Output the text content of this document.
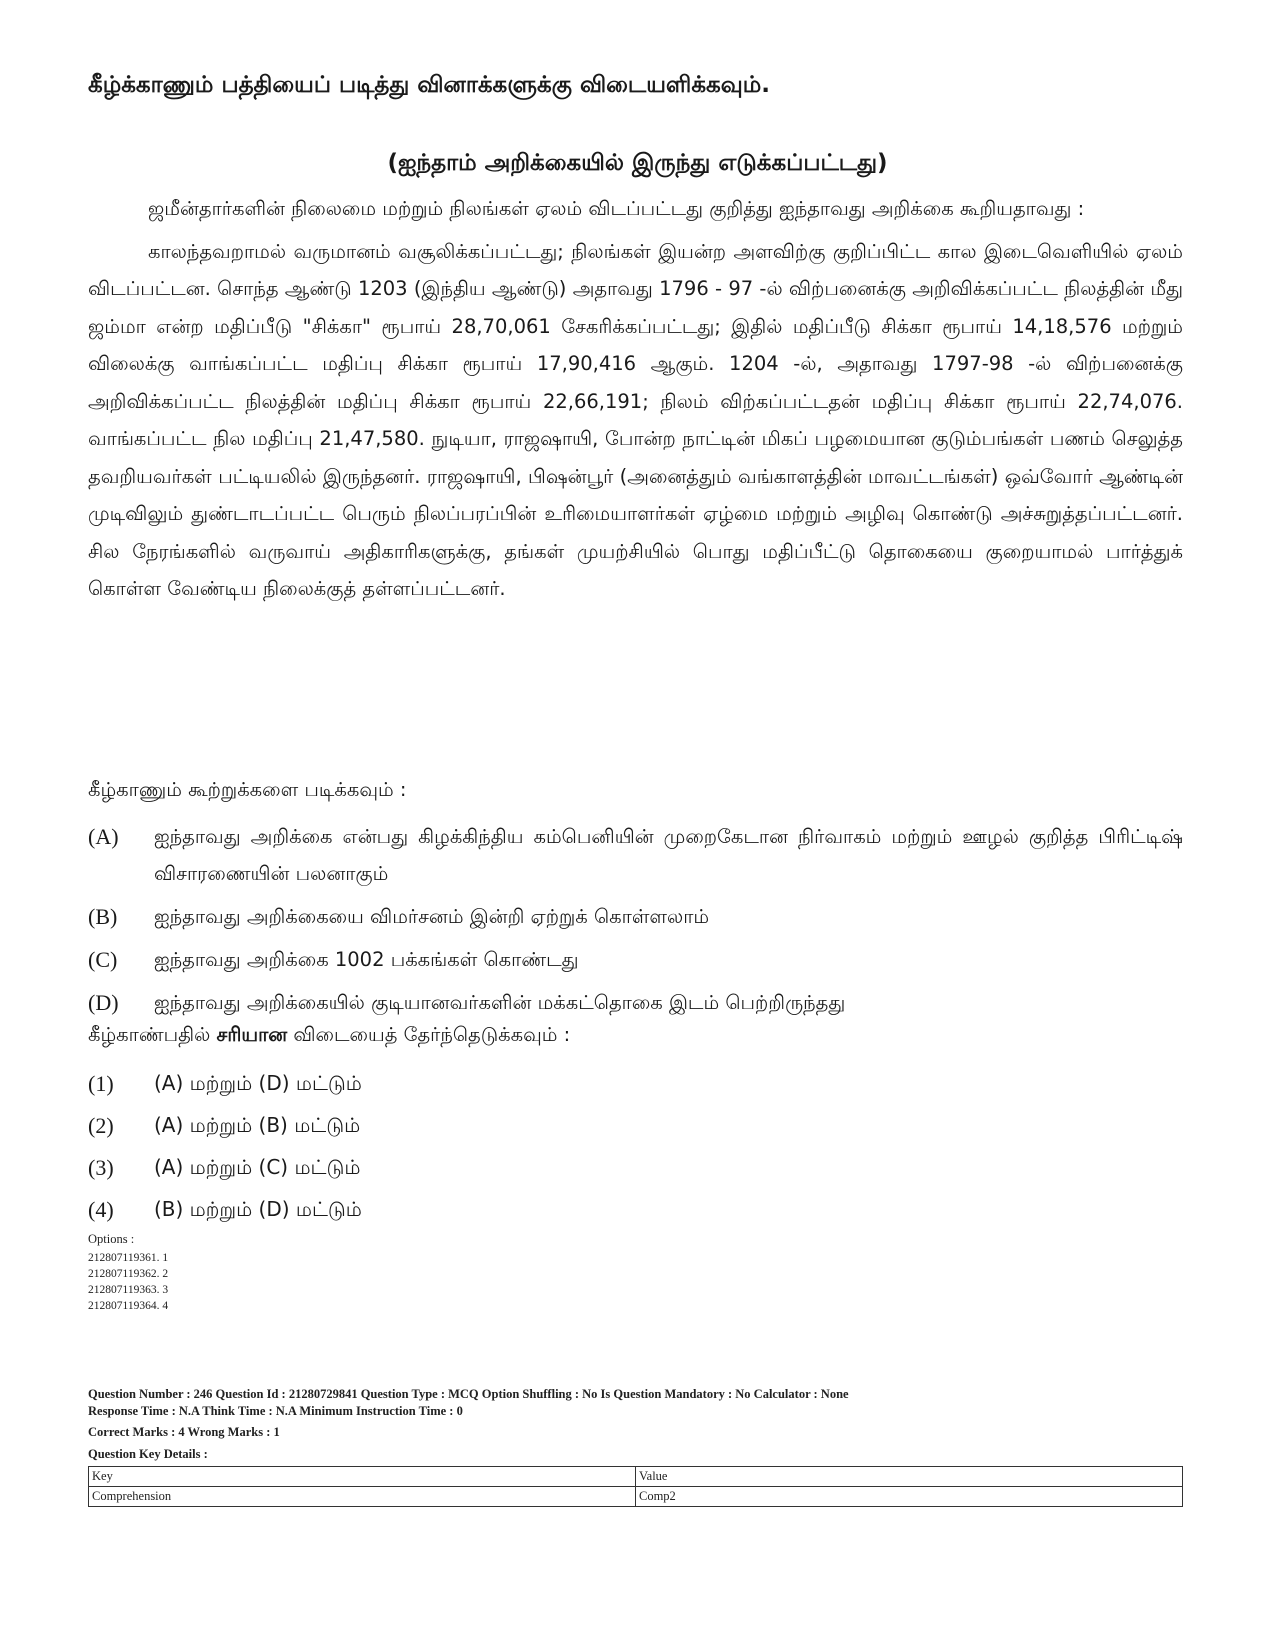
கீழ்க்காணும் பத்தியைப் படித்து வினாக்களுக்கு விடையளிக்கவும்.
(ஐந்தாம் அறிக்கையில் இருந்து எடுக்கப்பட்டது)

ஜமீன்தார்களின் நிலைமை மற்றும் நிலங்கள் ஏலம் விடப்பட்டது குறித்து ஐந்தாவது அறிக்கை கூறியதாவது :

காலந்தவறாமல் வருமானம் வசூலிக்கப்பட்டது; நிலங்கள் இயன்ற அளவிற்கு குறிப்பிட்ட கால இடைவெளியில் ஏலம் விடப்பட்டன. சொந்த ஆண்டு 1203 (இந்திய ஆண்டு) அதாவது 1796 - 97 -ல் விற்பனைக்கு அறிவிக்கப்பட்ட நிலத்தின் மீது ஜம்மா என்ற மதிப்பீடு "சிக்கா" ரூபாய் 28,70,061 சேகரிக்கப்பட்டது; இதில் மதிப்பீடு சிக்கா ரூபாய் 14,18,576 மற்றும் விலைக்கு வாங்கப்பட்ட மதிப்பு சிக்கா ரூபாய் 17,90,416 ஆகும். 1204 -ல், அதாவது 1797-98 -ல் விற்பனைக்கு அறிவிக்கப்பட்ட நிலத்தின் மதிப்பு சிக்கா ரூபாய் 22,66,191; நிலம் விற்கப்பட்டதன் மதிப்பு சிக்கா ரூபாய் 22,74,076. வாங்கப்பட்ட நில மதிப்பு 21,47,580. நுடியா, ராஜஷாயி, போன்ற நாட்டின் மிகப் பழமையான குடும்பங்கள் பணம் செலுத்த தவறியவர்கள் பட்டியலில் இருந்தனர். ராஜஷாயி, பிஷன்பூர் (அனைத்தும் வங்காளத்தின் மாவட்டங்கள்) ஒவ்வோர் ஆண்டின் முடிவிலும் துண்டாடப்பட்ட பெரும் நிலப்பரப்பின் உரிமையாளர்கள் ஏழ்மை மற்றும் அழிவு கொண்டு அச்சுறுத்தப்பட்டனர். சில நேரங்களில் வருவாய் அதிகாரிகளுக்கு, தங்கள் முயற்சியில் பொது மதிப்பீட்டு தொகையை குறையாமல் பார்த்துக் கொள்ள வேண்டிய நிலைக்குத் தள்ளப்பட்டனர்.

கீழ்காணும் கூற்றுக்களை படிக்கவும் :
(A)	ஐந்தாவது அறிக்கை என்பது கிழக்கிந்திய கம்பெனியின் முறைகேடான நிர்வாகம் மற்றும் ஊழல் குறித்த பிரிட்டிஷ் விசாரணையின் பலனாகும்
(B)	ஐந்தாவது அறிக்கையை விமர்சனம் இன்றி ஏற்றுக் கொள்ளலாம்
(C)	ஐந்தாவது அறிக்கை 1002 பக்கங்கள் கொண்டது
(D)	ஐந்தாவது அறிக்கையில் குடியானவர்களின் மக்கட்தொகை இடம் பெற்றிருந்தது
கீழ்காண்பதில் சரியான விடையைத் தேர்ந்தெடுக்கவும் :
(1)	(A) மற்றும் (D) மட்டும்
(2)	(A) மற்றும் (B) மட்டும்
(3)	(A) மற்றும் (C) மட்டும்
(4)	(B) மற்றும் (D) மட்டும்
Options :
212807119361. 1
212807119362. 2
212807119363. 3
212807119364. 4
Question Number : 246 Question Id : 21280729841 Question Type : MCQ Option Shuffling : No Is Question Mandatory : No Calculator : None
Response Time : N.A Think Time : N.A Minimum Instruction Time : 0
Correct Marks : 4 Wrong Marks : 1
Question Key Details :
Key	Value
Comprehension	Comp2
